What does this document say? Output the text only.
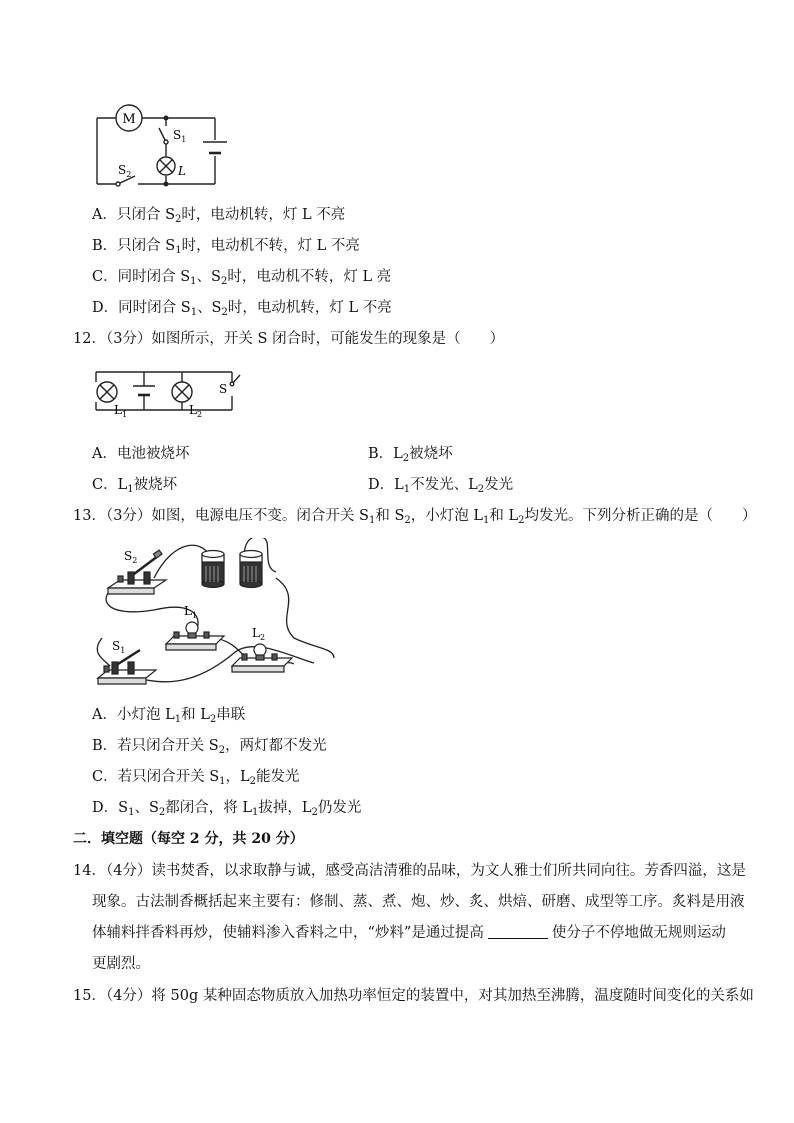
M
$S_1$
$S_2$	L
A．只闭合 $S_2$时，电动机转，灯 L 不亮
B．只闭合 $S_1$时，电动机不转，灯 L 不亮
C．同时闭合 $S_1$、$S_2$时，电动机不转，灯 L 亮
D．同时闭合 $S_1$、$S_2$时，电动机转，灯 L 不亮
12．（3分）如图所示，开关 S 闭合时，可能发生的现象是（　　）
$L_1$	$L_2$
S
A．电池被烧坏	B．$L_2$被烧坏
C．$L_1$被烧坏	D．$L_1$不发光、$L_2$发光
13．（3分）如图，电源电压不变。闭合开关 $S_1$和 $S_2$，小灯泡 $L_1$和 $L_2$均发光。下列分析正确的是（　　）
$S_2$
$L_1$
$L_2$
$S_1$
A．小灯泡 $L_1$和 $L_2$串联
B．若只闭合开关 $S_2$，两灯都不发光
C．若只闭合开关 $S_1$，$L_2$能发光
D．$S_1$、$S_2$都闭合，将 $L_1$拔掉，$L_2$仍发光
二．填空题（每空 2 分，共 20 分）
14．（4分）读书焚香，以求取静与诚，感受高洁清雅的品味，为文人雅士们所共同向往。芳香四溢，这是
现象。古法制香概括起来主要有：修制、蒸、煮、炮、炒、炙、烘焙、研磨、成型等工序。炙料是用液
体辅料拌香料再炒，使辅料渗入香料之中，“炒料”是通过提高	使分子不停地做无规则运动
更剧烈。
15．（4分）将 50g 某种固态物质放入加热功率恒定的装置中，对其加热至沸腾，温度随时间变化的关系如
